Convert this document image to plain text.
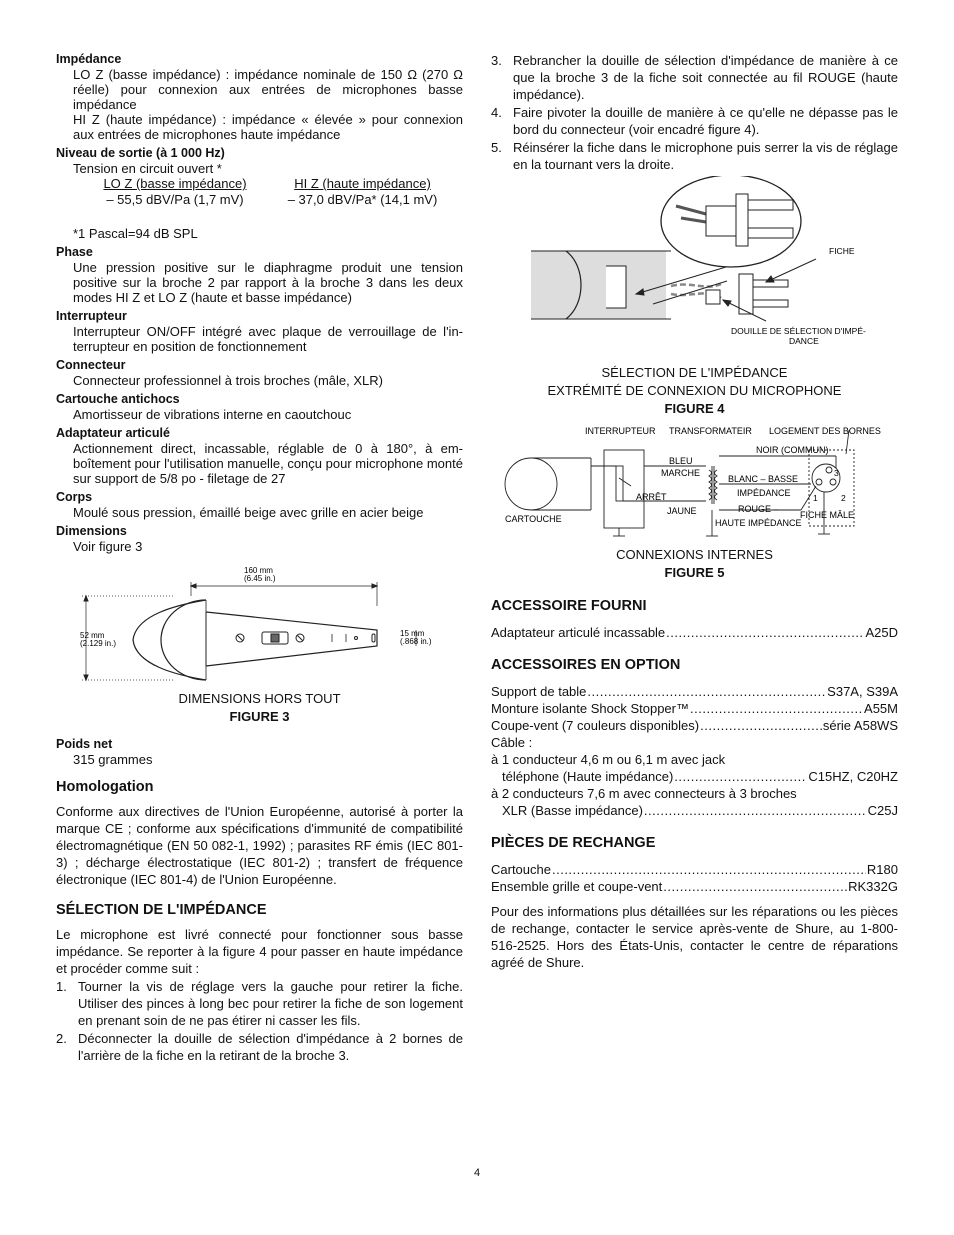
Impédance

LO Z (basse impédance) : impédance nominale de 150 Ω (270 Ω réelle) pour connexion aux entrées de microphones basse impédance

HI Z (haute impédance) : impédance « élevée » pour connexion aux entrées de microphones haute impédance

Niveau de sortie (à 1 000 Hz)

Tension en circuit ouvert *

LO Z (basse impédance)
– 55,5 dBV/Pa (1,7 mV)
HI Z (haute impédance)
– 37,0 dBV/Pa* (14,1 mV)
*1 Pascal=94 dB SPL
Phase

Une pression positive sur le diaphragme produit une tension positive sur la broche 2 par rapport à la broche 3 dans les deux modes HI Z et LO Z (haute et basse impédance)

Interrupteur

Interrupteur ON/OFF intégré avec plaque de verrouillage de l'in-terrupteur en position de fonctionnement

Connecteur

Connecteur professionnel à trois broches (mâle, XLR)

Cartouche antichocs

Amortisseur de vibrations interne en caoutchouc

Adaptateur articulé

Actionnement direct, incassable, réglable de 0 à 180°, à em-boîtement pour l'utilisation manuelle, conçu pour microphone monté sur support de 5/8 po - filetage de 27

Corps

Moulé sous pression, émaillé beige avec grille en acier beige

Dimensions

Voir figure 3

160 mm
(6.45 in.)
52 mm
(2.129 in.)
15 mm
(.868 in.)
DIMENSIONS HORS TOUT
FIGURE 3
Poids net
315 grammes
Homologation

Conforme aux directives de l'Union Européenne, autorisé à porter la marque CE ; conforme aux spécifications d'immunité de compatibilité électromagnétique (EN 50 082-1, 1992) ; parasites RF émis (IEC 801-3) ; décharge électrostatique (IEC 801-2) ; transfert de fréquence électronique (IEC 801-4) de l'Union Européenne.

SÉLECTION DE L'IMPÉDANCE

Le microphone est livré connecté pour fonctionner sous basse impédance. Se reporter à la figure 4 pour passer en haute impédance et procéder comme suit :

1. Tourner la vis de réglage vers la gauche pour retirer la fiche. Utiliser des pinces à long bec pour retirer la fiche de son logement en prenant soin de ne pas étirer ni casser les fils.
2. Déconnecter la douille de sélection d'impédance à 2 bornes de l'arrière de la fiche en la retirant de la broche 3.
3. Rebrancher la douille de sélection d'impédance de manière à ce que la broche 3 de la fiche soit connectée au fil ROUGE (haute impédance).
4. Faire pivoter la douille de manière à ce qu'elle ne dépasse pas le bord du connecteur (voir encadré figure 4).
5. Réinsérer la fiche dans le microphone puis serrer la vis de réglage en la tournant vers la droite.
FICHE
DOUILLE DE SÉLECTION D'IMPÉ-
DANCE
SÉLECTION DE L'IMPÉDANCE
EXTRÉMITÉ DE CONNEXION DU MICROPHONE
FIGURE 4
INTERRUPTEUR TRANSFORMATEIR LOGEMENT DES BORNES
NOIR (COMMUN)
BLEU
MARCHE
BLANC – BASSE
IMPÉDANCE
ARRÊT
JAUNE	ROUGE –
HAUTE IMPÉDANCE
CARTOUCHE	FICHE MÂLE
1	2
3
CONNEXIONS INTERNES
FIGURE 5
ACCESSOIRE FOURNI
Adaptateur articulé incassable .....	A25D
ACCESSOIRES EN OPTION
Support de table .....	S37A, S39A
Monture isolante Shock Stopper™ .....	A55M
Coupe-vent (7 couleurs disponibles) .....	série A58WS
Câble :
à 1 conducteur 4,6 m ou 6,1 m avec jack
téléphone (Haute impédance) .....	C15HZ, C20HZ
à 2 conducteurs 7,6 m avec connecteurs à 3 broches
XLR (Basse impédance) .....	C25J
PIÈCES DE RECHANGE
Cartouche .....	R180
Ensemble grille et coupe-vent .....	RK332G

Pour des informations plus détaillées sur les réparations ou les pièces de rechange, contacter le service après-vente de Shure, au 1-800-516-2525. Hors des États-Unis, contacter le centre de réparations agréé de Shure.

4
